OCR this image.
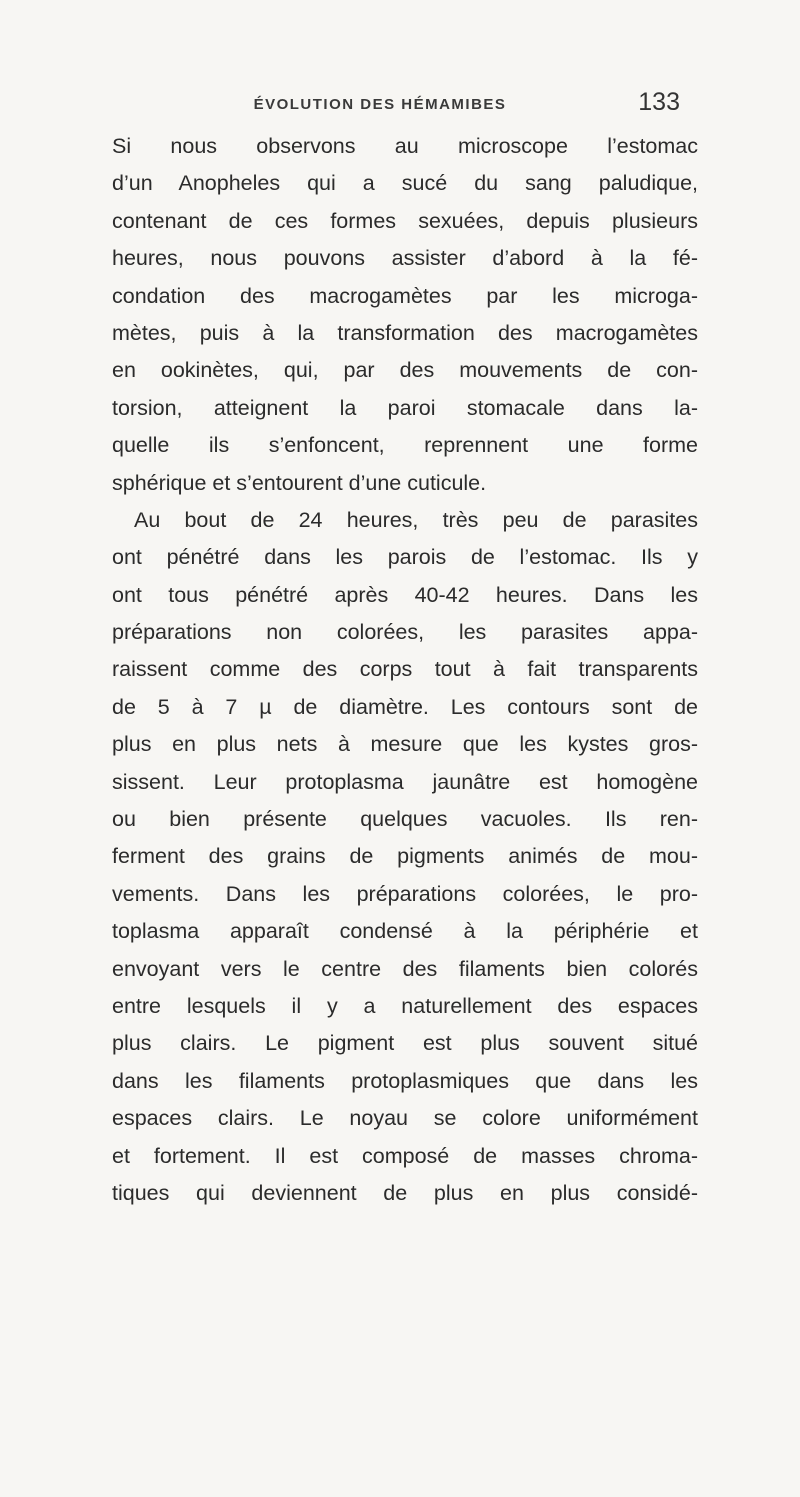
ÉVOLUTION DES HÉMAMIBES	133
Si nous observons au microscope l’estomac
d’un Anopheles qui a sucé du sang paludique,
contenant de ces formes sexuées, depuis plusieurs
heures, nous pouvons assister d’abord à la fé-
condation des macrogamètes par les microga-
mètes, puis à la transformation des macrogamètes
en ookinètes, qui, par des mouvements de con-
torsion, atteignent la paroi stomacale dans la-
quelle ils s’enfoncent, reprennent une forme
sphérique et s’entourent d’une cuticule.
Au bout de 24 heures, très peu de parasites
ont pénétré dans les parois de l’estomac. Ils y
ont tous pénétré après 40-42 heures. Dans les
préparations non colorées, les parasites appa-
raissent comme des corps tout à fait transparents
de 5 à 7 µ de diamètre. Les contours sont de
plus en plus nets à mesure que les kystes gros-
sissent. Leur protoplasma jaunâtre est homogène
ou bien présente quelques vacuoles. Ils ren-
ferment des grains de pigments animés de mou-
vements. Dans les préparations colorées, le pro-
toplasma apparaît condensé à la périphérie et
envoyant vers le centre des filaments bien colorés
entre lesquels il y a naturellement des espaces
plus clairs. Le pigment est plus souvent situé
dans les filaments protoplasmiques que dans les
espaces clairs. Le noyau se colore uniformément
et fortement. Il est composé de masses chroma-
tiques qui deviennent de plus en plus considé-
